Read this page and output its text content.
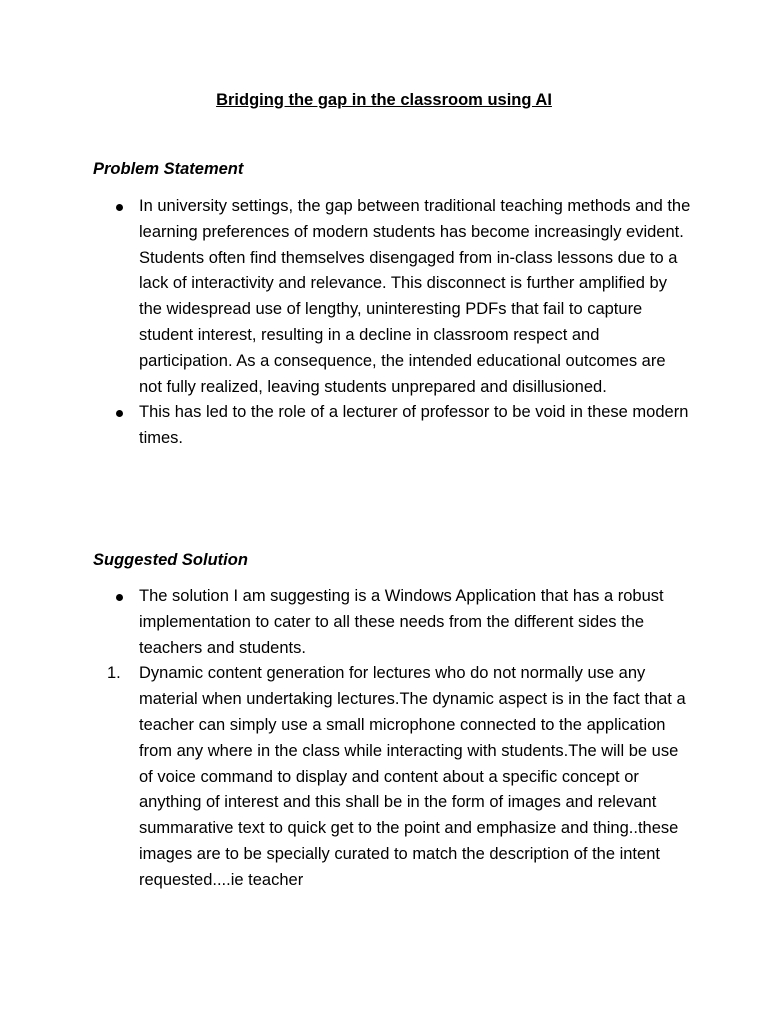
Bridging the gap in the classroom using AI
Problem Statement
In university settings, the gap between traditional teaching methods and the learning preferences of modern students has become increasingly evident. Students often find themselves disengaged from in-class lessons due to a lack of interactivity and relevance. This disconnect is further amplified by the widespread use of lengthy, uninteresting PDFs that fail to capture student interest, resulting in a decline in classroom respect and participation. As a consequence, the intended educational outcomes are not fully realized, leaving students unprepared and disillusioned.
This has led to the role of a lecturer of professor to be void in these modern times.
Suggested Solution
The solution I am suggesting is a Windows Application that has a robust implementation to cater to all these needs from the different sides the teachers and students.
1.	Dynamic content generation for lectures who do not normally use any material when undertaking lectures.The dynamic aspect is in the fact that a teacher can simply use a small microphone connected to the application from any where in the class while interacting with students.The will be use of voice command to display and content about a specific concept or anything of interest and this shall be in the form of images and relevant summarative text to quick get to the point and emphasize and thing..these images are to be specially curated to match the description of the intent requested....ie teacher
